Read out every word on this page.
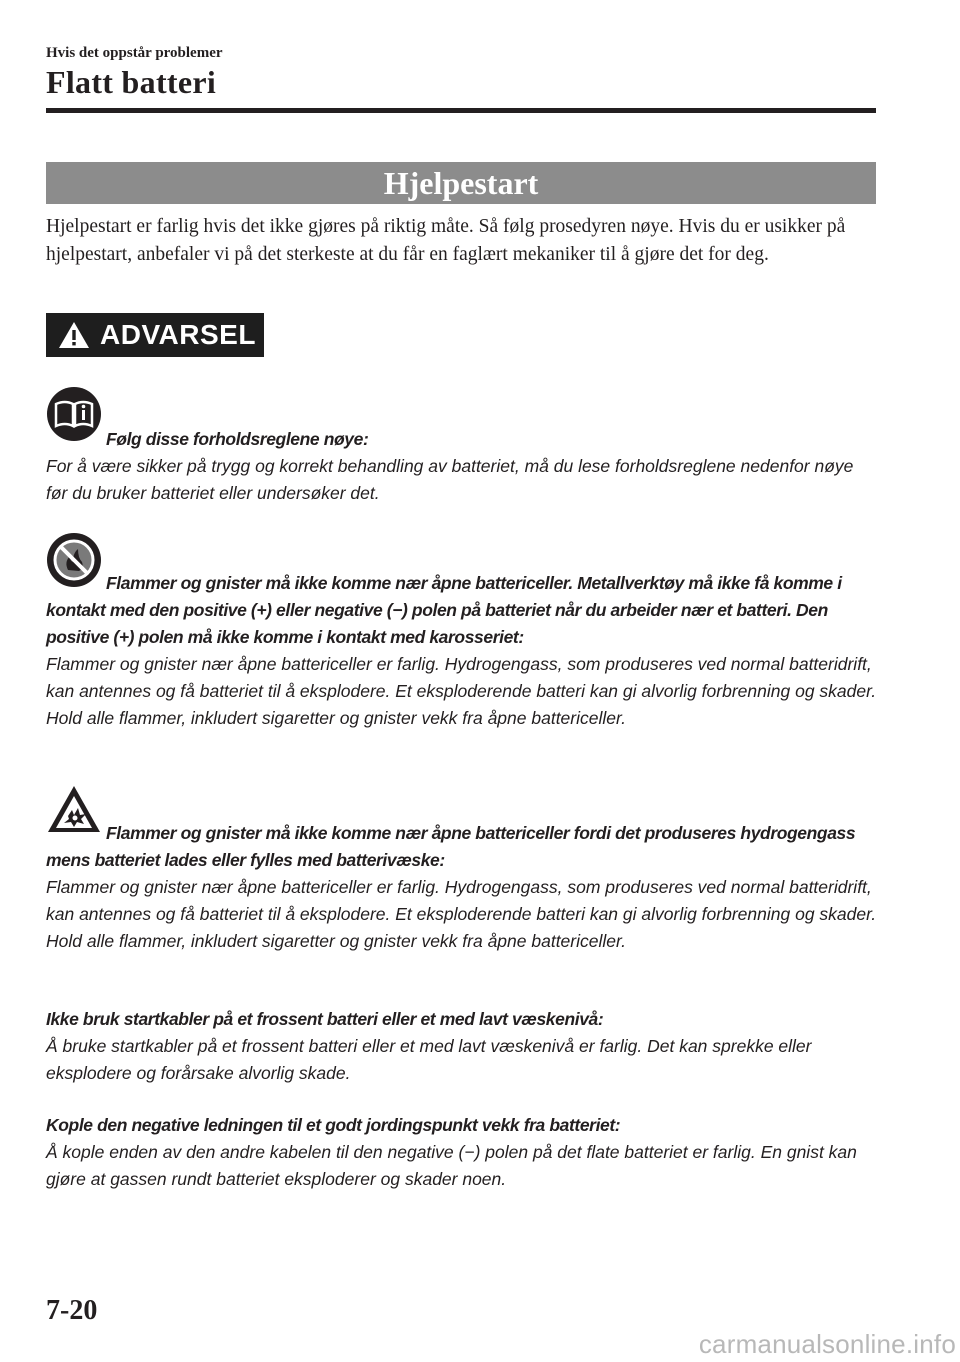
Hvis det oppstår problemer
Flatt batteri
Hjelpestart
Hjelpestart er farlig hvis det ikke gjøres på riktig måte. Så følg prosedyren nøye. Hvis du er usikker på hjelpestart, anbefaler vi på det sterkeste at du får en faglært mekaniker til å gjøre det for deg.
ADVARSEL

Følg disse forholdsreglene nøye:

For å være sikker på trygg og korrekt behandling av batteriet, må du lese forholdsreglene nedenfor nøye før du bruker batteriet eller undersøker det.

Flammer og gnister må ikke komme nær åpne battericeller. Metallverktøy må ikke få komme i kontakt med den positive (+) eller negative (−) polen på batteriet når du arbeider nær et batteri. Den positive (+) polen må ikke komme i kontakt med karosseriet:

Flammer og gnister nær åpne battericeller er farlig. Hydrogengass, som produseres ved normal batteridrift, kan antennes og få batteriet til å eksplodere. Et eksploderende batteri kan gi alvorlig forbrenning og skader. Hold alle flammer, inkludert sigaretter og gnister vekk fra åpne battericeller.

Flammer og gnister må ikke komme nær åpne battericeller fordi det produseres hydrogengass mens batteriet lades eller fylles med batterivæske:

Flammer og gnister nær åpne battericeller er farlig. Hydrogengass, som produseres ved normal batteridrift, kan antennes og få batteriet til å eksplodere. Et eksploderende batteri kan gi alvorlig forbrenning og skader. Hold alle flammer, inkludert sigaretter og gnister vekk fra åpne battericeller.

Ikke bruk startkabler på et frossent batteri eller et med lavt væskenivå:

Å bruke startkabler på et frossent batteri eller et med lavt væskenivå er farlig. Det kan sprekke eller eksplodere og forårsake alvorlig skade.

Kople den negative ledningen til et godt jordingspunkt vekk fra batteriet:

Å kople enden av den andre kabelen til den negative (−) polen på det flate batteriet er farlig. En gnist kan gjøre at gassen rundt batteriet eksploderer og skader noen.

7-20
carmanualsonline.info
